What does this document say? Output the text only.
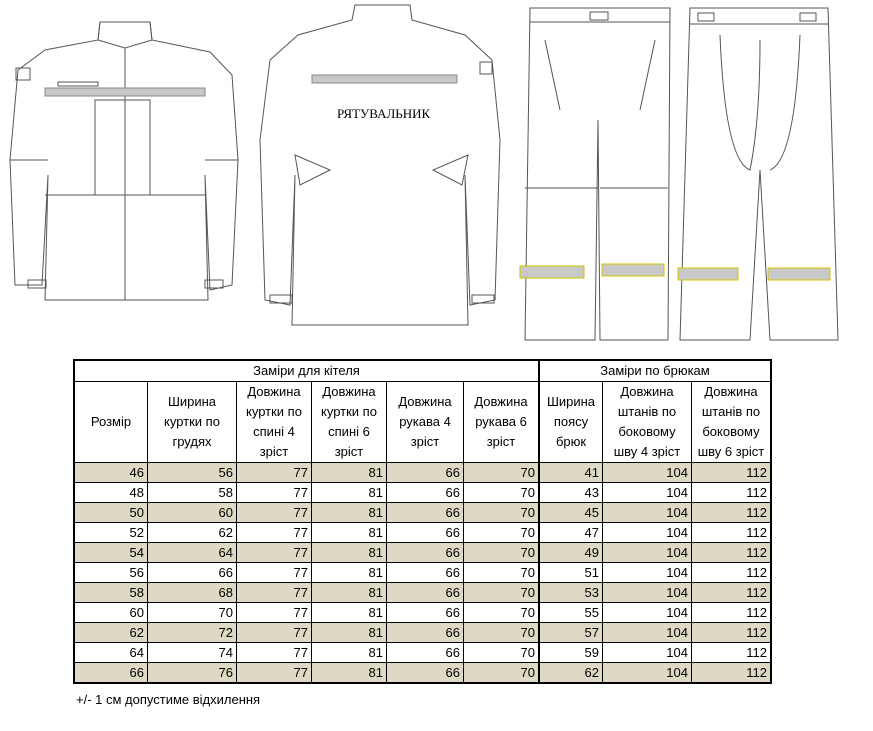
РЯТУВАЛЬНИК
Заміри для кітеля						Заміри по брюкам		
Розмір	Ширина куртки по грудях	Довжина куртки по спині 4 зріст	Довжина куртки по спині 6 зріст	Довжина рукава 4 зріст	Довжина рукава 6 зріст	Ширина поясу брюк	Довжина штанів по боковому шву 4 зріст	Довжина штанів по боковому шву 6 зріст
46	56	77	81	66	70	41	104	112
48	58	77	81	66	70	43	104	112
50	60	77	81	66	70	45	104	112
52	62	77	81	66	70	47	104	112
54	64	77	81	66	70	49	104	112
56	66	77	81	66	70	51	104	112
58	68	77	81	66	70	53	104	112
60	70	77	81	66	70	55	104	112
62	72	77	81	66	70	57	104	112
64	74	77	81	66	70	59	104	112
66	76	77	81	66	70	62	104	112
+/- 1 см допустиме відхилення
